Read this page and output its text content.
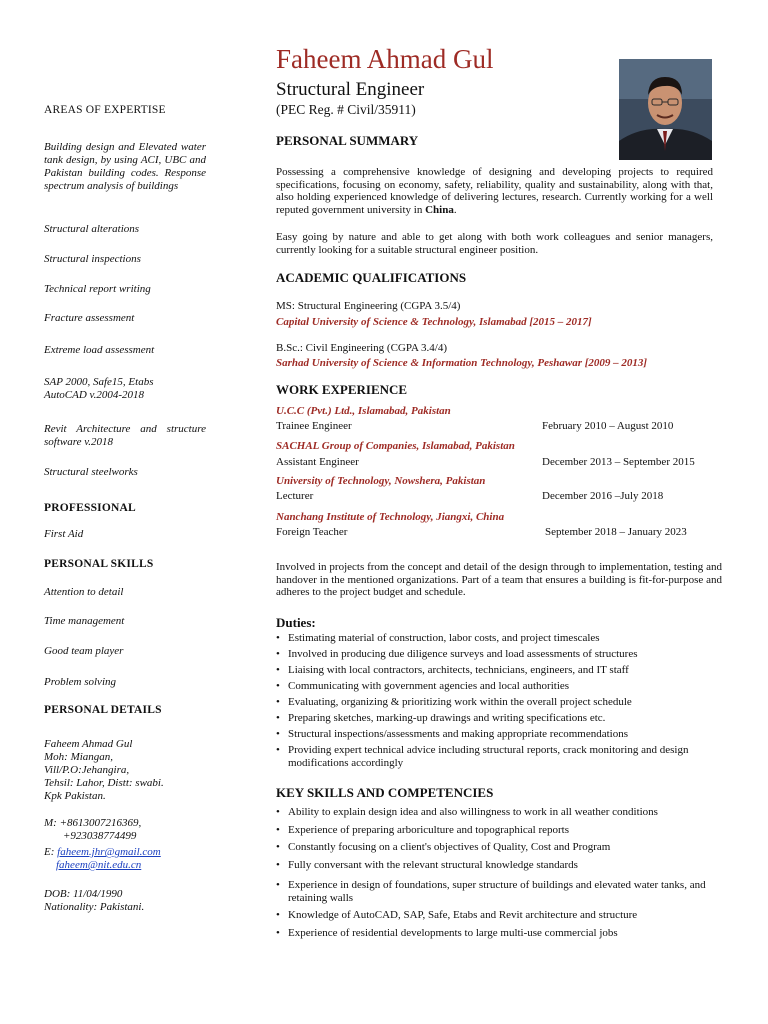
Faheem Ahmad Gul
Structural Engineer
(PEC Reg. # Civil/35911)
AREAS OF EXPERTISE
Building design and Elevated water tank design, by using ACI, UBC and Pakistan building codes. Response spectrum analysis of buildings
Structural alterations
Structural inspections
Technical report writing
Fracture assessment
Extreme load assessment
SAP 2000, Safe15, Etabs AutoCAD v.2004-2018
Revit Architecture and structure software v.2018
Structural steelworks
PROFESSIONAL
First Aid
PERSONAL SKILLS
Attention to detail
Time management
Good team player
Problem solving
PERSONAL DETAILS
Faheem Ahmad Gul
Moh: Miangan,
Vill/P.O:Jehangira,
Tehsil: Lahor, Distt: swabi.
Kpk Pakistan.
M: +8613007216369,
+923038774499
E: faheem.jhr@gmail.com
faheem@nit.edu.cn
DOB: 11/04/1990
Nationality: Pakistani.
PERSONAL SUMMARY
Possessing a comprehensive knowledge of designing and developing projects to required specifications, focusing on economy, safety, reliability, quality and sustainability, along with that, also holding experienced knowledge of delivering lectures, research. Currently working for a well reputed government university in China.
Easy going by nature and able to get along with both work colleagues and senior managers, currently looking for a suitable structural engineer position.
ACADEMIC QUALIFICATIONS
MS: Structural Engineering (CGPA 3.5/4)
Capital University of Science & Technology, Islamabad [2015 – 2017]
B.Sc.: Civil Engineering (CGPA 3.4/4)
Sarhad University of Science & Information Technology, Peshawar [2009 – 2013]
WORK EXPERIENCE
U.C.C (Pvt.) Ltd., Islamabad, Pakistan
Trainee Engineer	February 2010 – August 2010
SACHAL Group of Companies, Islamabad, Pakistan
Assistant Engineer	December 2013 – September 2015
University of Technology, Nowshera, Pakistan
Lecturer	December 2016 –July 2018
Nanchang Institute of Technology, Jiangxi, China
Foreign Teacher	September 2018 – January 2023
Involved in projects from the concept and detail of the design through to implementation, testing and handover in the mentioned organizations. Part of a team that ensures a building is fit-for-purpose and adheres to the project budget and schedule.
Duties:
• Estimating material of construction, labor costs, and project timescales
• Involved in producing due diligence surveys and load assessments of structures
• Liaising with local contractors, architects, technicians, engineers, and IT staff
• Communicating with government agencies and local authorities
• Evaluating, organizing & prioritizing work within the overall project schedule
• Preparing sketches, marking-up drawings and writing specifications etc.
• Structural inspections/assessments and making appropriate recommendations
• Providing expert technical advice including structural reports, crack monitoring and design modifications accordingly
KEY SKILLS AND COMPETENCIES
• Ability to explain design idea and also willingness to work in all weather conditions
• Experience of preparing arboriculture and topographical reports
• Constantly focusing on a client's objectives of Quality, Cost and Program
• Fully conversant with the relevant structural knowledge standards
• Experience in design of foundations, super structure of buildings and elevated water tanks, and retaining walls
• Knowledge of AutoCAD, SAP, Safe, Etabs and Revit architecture and structure
• Experience of residential developments to large multi-use commercial jobs
